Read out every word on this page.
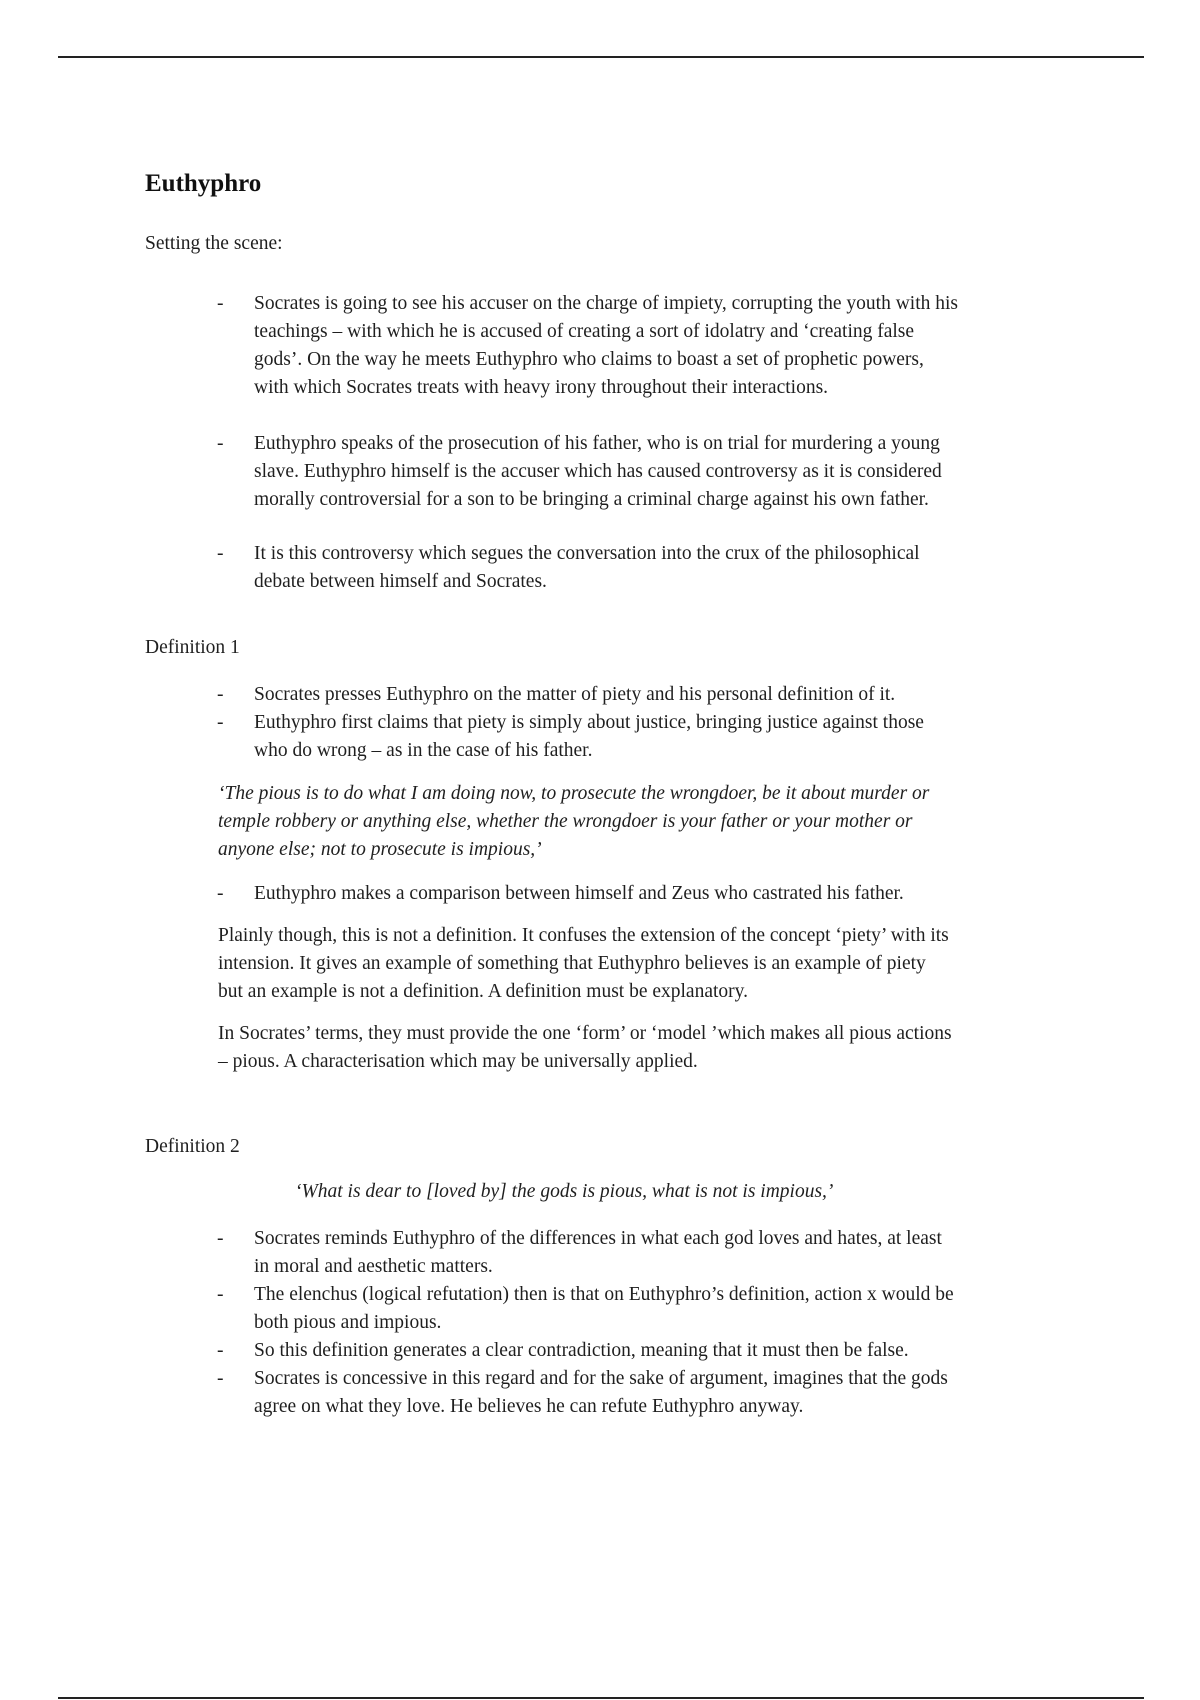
Euthyphro

Setting the scene:

- Socrates is going to see his accuser on the charge of impiety, corrupting the youth with his
teachings – with which he is accused of creating a sort of idolatry and ‘creating false
gods’. On the way he meets Euthyphro who claims to boast a set of prophetic powers,
with which Socrates treats with heavy irony throughout their interactions.
- Euthyphro speaks of the prosecution of his father, who is on trial for murdering a young
slave. Euthyphro himself is the accuser which has caused controversy as it is considered
morally controversial for a son to be bringing a criminal charge against his own father.
- It is this controversy which segues the conversation into the crux of the philosophical
debate between himself and Socrates.

Definition 1

- Socrates presses Euthyphro on the matter of piety and his personal definition of it.
- Euthyphro first claims that piety is simply about justice, bringing justice against those
who do wrong – as in the case of his father.
‘The pious is to do what I am doing now, to prosecute the wrongdoer, be it about murder or
temple robbery or anything else, whether the wrongdoer is your father or your mother or
anyone else; not to prosecute is impious,’
- Euthyphro makes a comparison between himself and Zeus who castrated his father.
Plainly though, this is not a definition. It confuses the extension of the concept ‘piety’ with its
intension. It gives an example of something that Euthyphro believes is an example of piety
but an example is not a definition. A definition must be explanatory.
In Socrates’ terms, they must provide the one ‘form’ or ‘model ’which makes all pious actions
– pious. A characterisation which may be universally applied.

Definition 2

‘What is dear to [loved by] the gods is pious, what is not is impious,’

- Socrates reminds Euthyphro of the differences in what each god loves and hates, at least
in moral and aesthetic matters.
- The elenchus (logical refutation) then is that on Euthyphro’s definition, action x would be
both pious and impious.
- So this definition generates a clear contradiction, meaning that it must then be false.
- Socrates is concessive in this regard and for the sake of argument, imagines that the gods
agree on what they love. He believes he can refute Euthyphro anyway.
